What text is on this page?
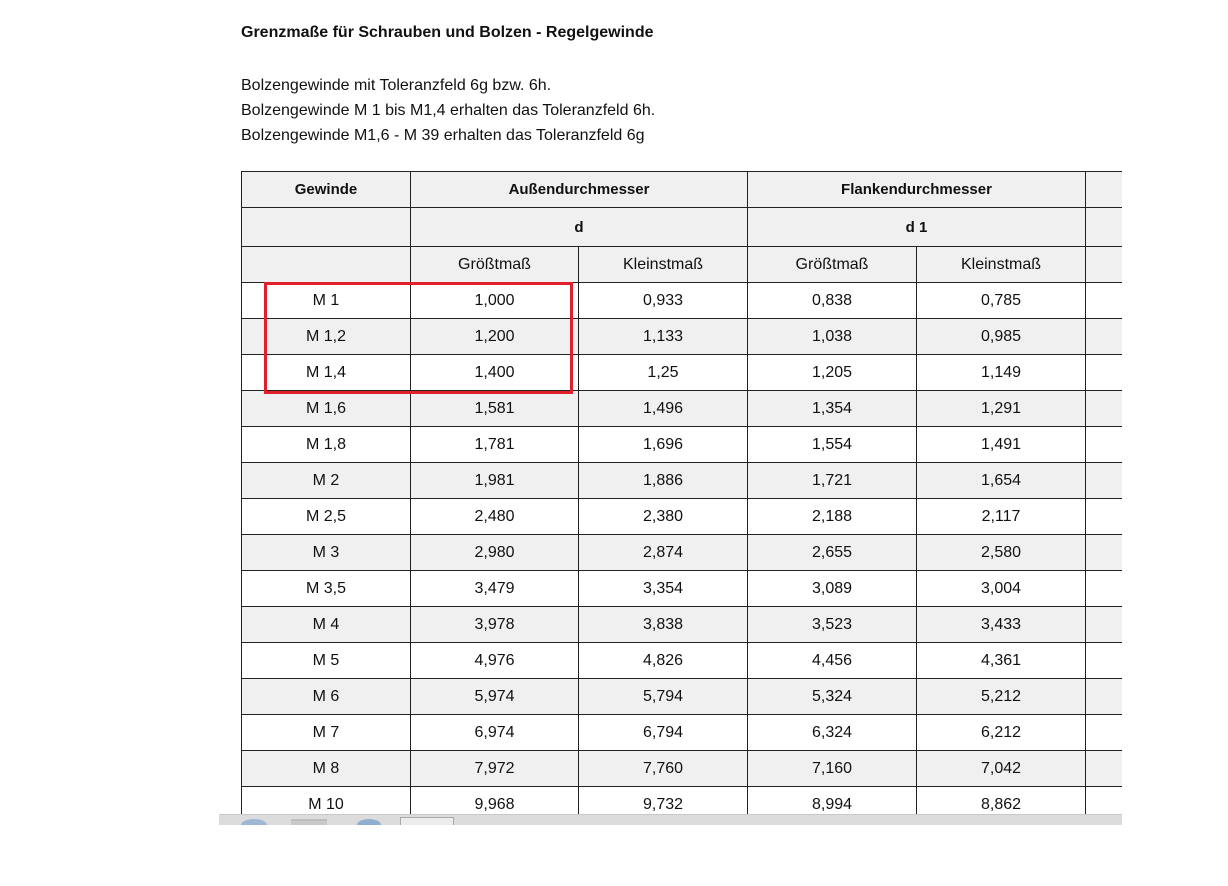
Grenzmaße für Schrauben und Bolzen - Regelgewinde

Bolzengewinde mit Toleranzfeld 6g bzw. 6h.

Bolzengewinde M 1 bis M1,4 erhalten das Toleranzfeld 6h.

Bolzengewinde M1,6 - M 39 erhalten das Toleranzfeld 6g

Gewinde	Außendurchmesser		Flankendurchmesser		
	d		d 1		
	Größtmaß	Kleinstmaß	Größtmaß	Kleinstmaß	
M 1	1,000	0,933	0,838	0,785	
M 1,2	1,200	1,133	1,038	0,985	
M 1,4	1,400	1,25	1,205	1,149	
M 1,6	1,581	1,496	1,354	1,291	
M 1,8	1,781	1,696	1,554	1,491	
M 2	1,981	1,886	1,721	1,654	
M 2,5	2,480	2,380	2,188	2,117	
M 3	2,980	2,874	2,655	2,580	
M 3,5	3,479	3,354	3,089	3,004	
M 4	3,978	3,838	3,523	3,433	
M 5	4,976	4,826	4,456	4,361	
M 6	5,974	5,794	5,324	5,212	
M 7	6,974	6,794	6,324	6,212	
M 8	7,972	7,760	7,160	7,042	
M 10	9,968	9,732	8,994	8,862	
